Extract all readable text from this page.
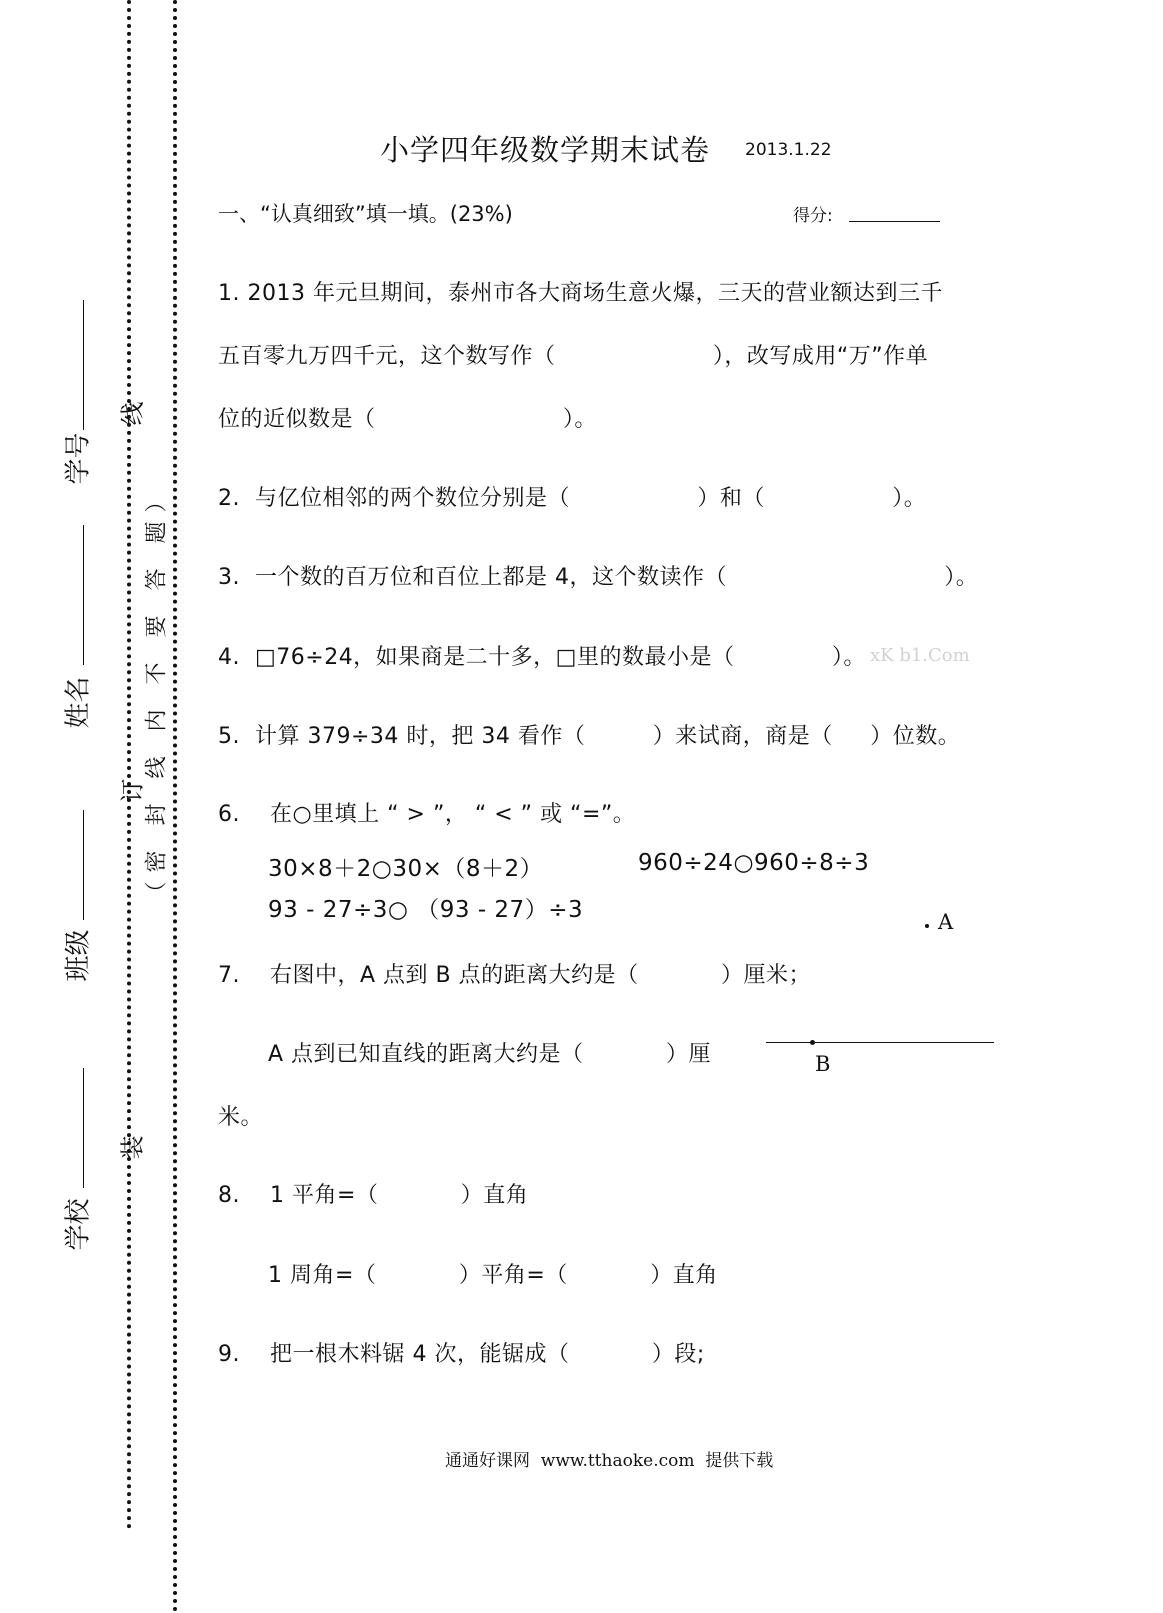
学号
姓名
班级
学校
线
订
装
（密 封 线 内 不 要 答 题）
小学四年级数学期末试卷 2013.1.22
一、“认真细致”填一填。(23%)	得分:
1. 2013 年元旦期间，泰州市各大商场生意火爆，三天的营业额达到三千
五百零九万四千元，这个数写作（                     ），改写成用“万”作单
位的近似数是（                         ）。
2.  与亿位相邻的两个数位分别是（                 ）和（                 ）。
3.  一个数的百万位和百位上都是 4，这个数读作（                             ）。
4.  □76÷24，如果商是二十多，□里的数最小是（             ）。 xK b1.Com
5.  计算 379÷34 时，把 34 看作（         ）来试商，商是（     ）位数。
6.    在○里填上 “ > ”， “ < ” 或 “=”。
30×8＋2○30×（8＋2）	960÷24○960÷8÷3
93 - 27÷3○ （93 - 27）÷3
7.    右图中，A 点到 B 点的距离大约是（           ）厘米；
A 点到已知直线的距离大约是（           ）厘
米。
A
B
8.    1 平角=（           ）直角
1 周角=（           ）平角=（           ）直角
9.    把一根木料锯 4 次，能锯成（           ）段;
通通好课网  www.tthaoke.com  提供下载
